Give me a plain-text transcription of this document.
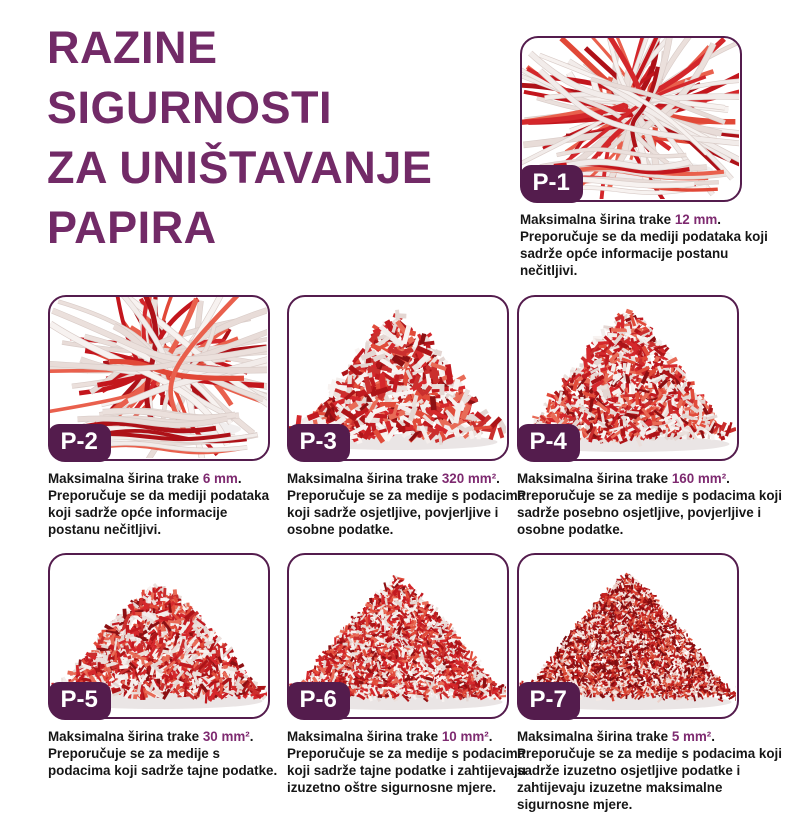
RAZINE
SIGURNOSTI
ZA UNIŠTAVANJE
PAPIRA
P-1
Maksimalna širina trake 12 mm. Preporučuje se da mediji podataka koji sadrže opće informacije postanu nečitljivi.
P-2
Maksimalna širina trake 6 mm. Preporučuje se da mediji podataka koji sadrže opće informacije postanu nečitljivi.
P-3
Maksimalna širina trake 320 mm². Preporučuje se za medije s podacima koji sadrže osjetljive, povjerljive i osobne podatke.
P-4
Maksimalna širina trake 160 mm². Preporučuje se za medije s podacima koji sadrže posebno osjetljive, povjerljive i osobne podatke.
P-5
Maksimalna širina trake 30 mm². Preporučuje se za medije s podacima koji sadrže tajne podatke.
P-6
Maksimalna širina trake 10 mm². Preporučuje se za medije s podacima koji sadrže tajne podatke i zahtijevaju izuzetno oštre sigurnosne mjere.
P-7
Maksimalna širina trake 5 mm². Preporučuje se za medije s podacima koji sadrže izuzetno osjetljive podatke i zahtijevaju izuzetne maksimalne sigurnosne mjere.
